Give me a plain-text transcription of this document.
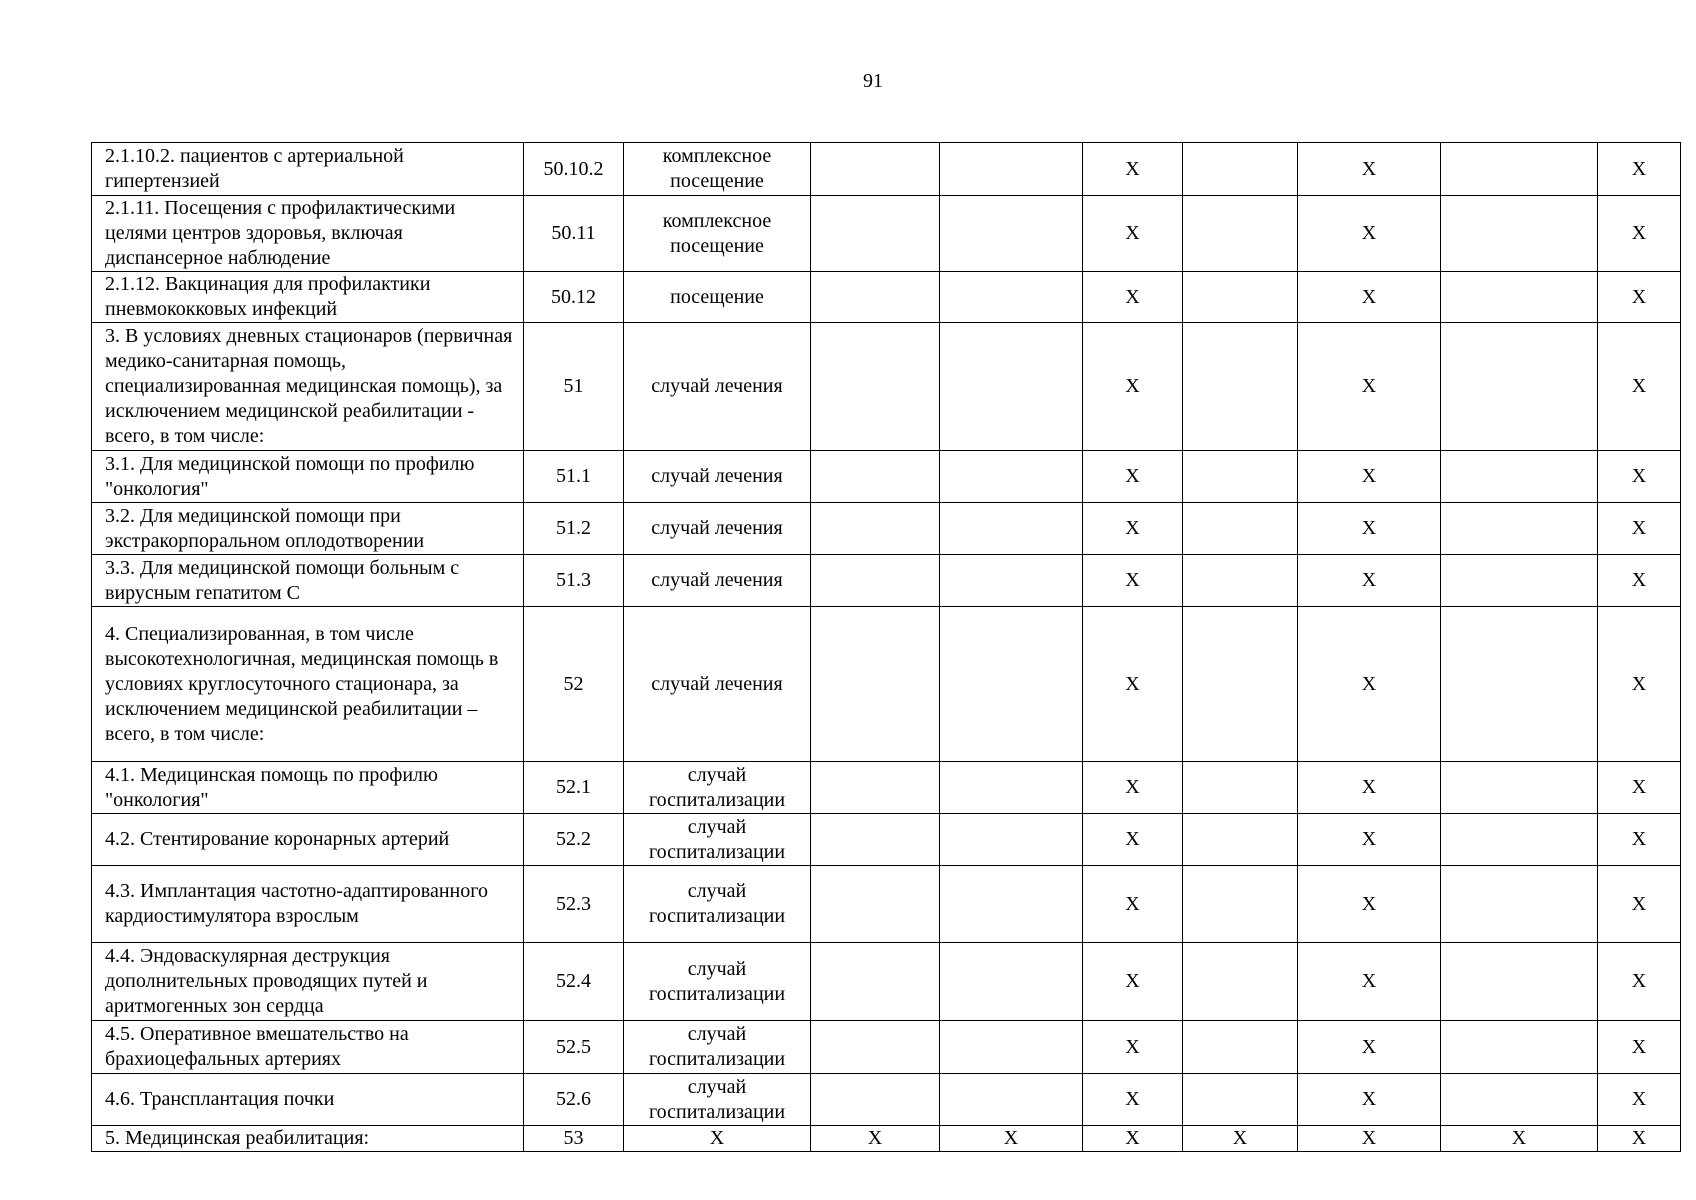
91
2.1.10.2. пациентов с артериальной гипертензией	50.10.2	комплексное посещение			X		X		X
2.1.11. Посещения с профилактическими целями центров здоровья, включая диспансерное наблюдение	50.11	комплексное посещение			X		X		X
2.1.12. Вакцинация для профилактики пневмококковых инфекций	50.12	посещение			X		X		X
3. В условиях дневных стационаров (первичная медико-санитарная помощь, специализированная медицинская помощь), за исключением медицинской реабилитации - всего, в том числе:	51	случай лечения			X		X		X
3.1. Для медицинской помощи по профилю "онкология"	51.1	случай лечения			X		X		X
3.2. Для медицинской помощи при экстракорпоральном оплодотворении	51.2	случай лечения			X		X		X
3.3. Для медицинской помощи больным с вирусным гепатитом С	51.3	случай лечения			X		X		X
4. Специализированная, в том числе высокотехнологичная, медицинская помощь в условиях круглосуточного стационара, за исключением медицинской реабилитации – всего, в том числе:	52	случай лечения			X		X		X
4.1. Медицинская помощь по профилю "онкология"	52.1	случай госпитализации			X		X		X
4.2. Стентирование коронарных артерий	52.2	случай госпитализации			X		X		X
4.3. Имплантация частотно-адаптированного кардиостимулятора взрослым	52.3	случай госпитализации			X		X		X
4.4. Эндоваскулярная деструкция дополнительных проводящих путей и аритмогенных зон сердца	52.4	случай госпитализации			X		X		X
4.5. Оперативное вмешательство на брахиоцефальных артериях	52.5	случай госпитализации			X		X		X
4.6. Трансплантация почки	52.6	случай госпитализации			X		X		X
5. Медицинская реабилитация:	53	X	X	X	X	X	X	X	X
